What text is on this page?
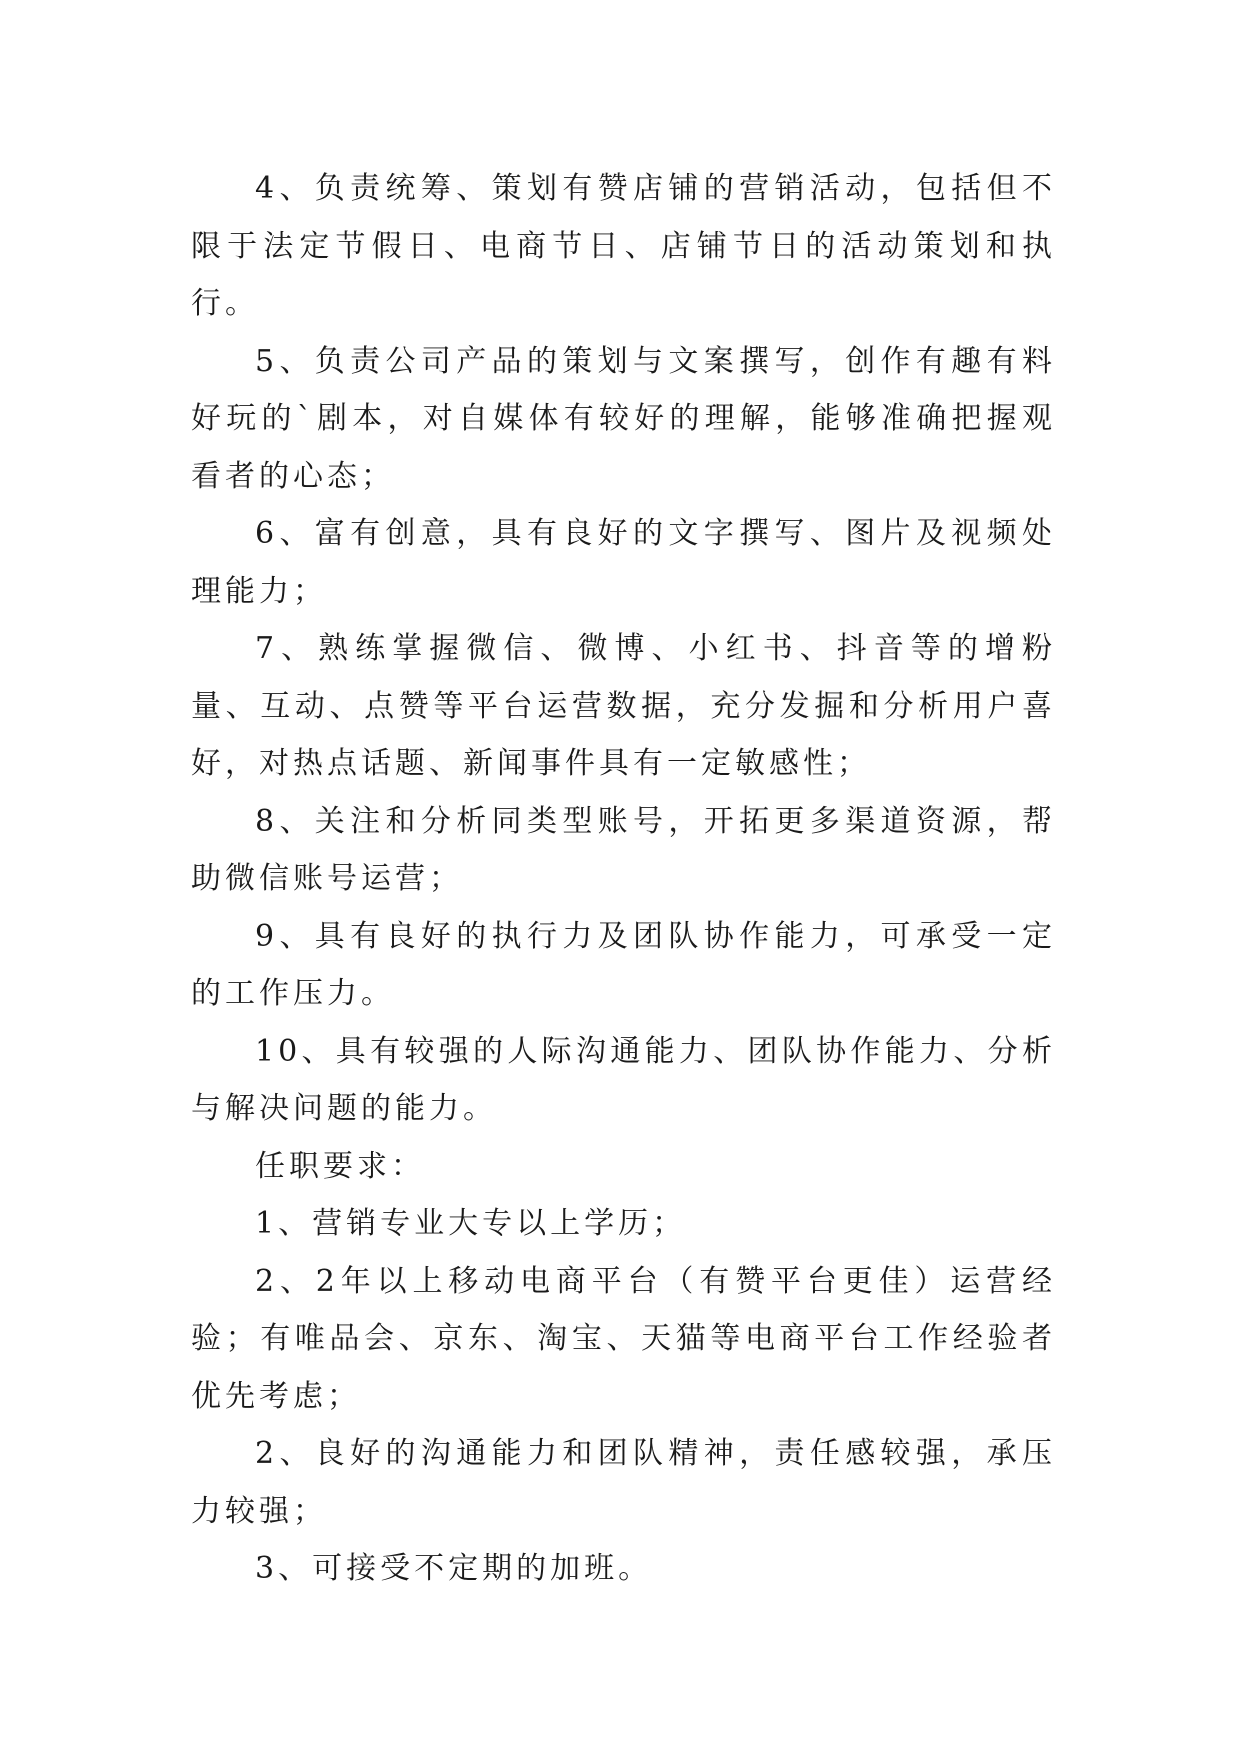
4、负责统筹、策划有赞店铺的营销活动，包括但不限于法定节假日、电商节日、店铺节日的活动策划和执行。

5、负责公司产品的策划与文案撰写，创作有趣有料好玩的`剧本，对自媒体有较好的理解，能够准确把握观看者的心态；

6、富有创意，具有良好的文字撰写、图片及视频处理能力；

7、熟练掌握微信、微博、小红书、抖音等的增粉量、互动、点赞等平台运营数据，充分发掘和分析用户喜好，对热点话题、新闻事件具有一定敏感性；

8、关注和分析同类型账号，开拓更多渠道资源，帮助微信账号运营；

9、具有良好的执行力及团队协作能力，可承受一定的工作压力。

10、具有较强的人际沟通能力、团队协作能力、分析与解决问题的能力。

任职要求：

1、营销专业大专以上学历；

2、2年以上移动电商平台（有赞平台更佳）运营经验；有唯品会、京东、淘宝、天猫等电商平台工作经验者优先考虑；

2、良好的沟通能力和团队精神，责任感较强，承压力较强；

3、可接受不定期的加班。
